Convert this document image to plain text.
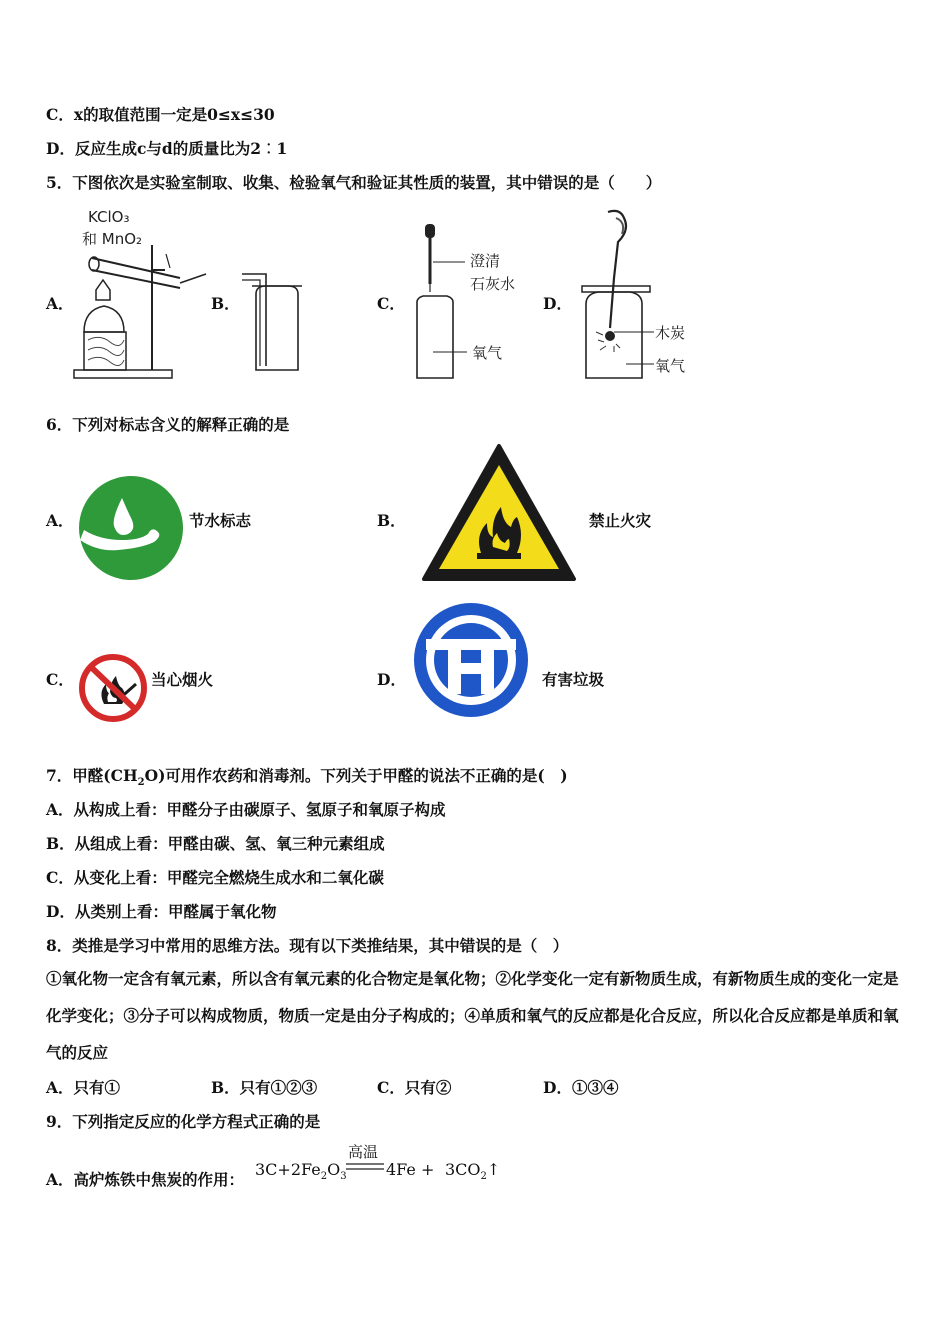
C．x的取值范围一定是0≤x≤30
D．反应生成c与d的质量比为2︰1
5．下图依次是实验室制取、收集、检验氧气和验证其性质的装置，其中错误的是（　　）
A．	B．	C．	D．
KClO₃
和 MnO₂
澄清
石灰水
氧气
木炭
氧气
6．下列对标志含义的解释正确的是
A．	节水标志	B．	禁止火灾
C．	当心烟火	D．	有害垃圾
7．甲醛$(CH_2O)$可用作农药和消毒剂。下列关于甲醛的说法不正确的是(　)
A．从构成上看：甲醛分子由碳原子、氢原子和氧原子构成
B．从组成上看：甲醛由碳、氢、氧三种元素组成
C．从变化上看：甲醛完全燃烧生成水和二氧化碳
D．从类别上看：甲醛属于氧化物
8．类推是学习中常用的思维方法。现有以下类推结果，其中错误的是（　）
①氧化物一定含有氧元素，所以含有氧元素的化合物定是氧化物；②化学变化一定有新物质生成，有新物质生成的变化一定是化学变化；③分子可以构成物质，物质一定是由分子构成的；④单质和氧气的反应都是化合反应，所以化合反应都是单质和氧气的反应
A．只有①	B．只有①②③	C．只有②	D．①③④
9．下列指定反应的化学方程式正确的是
A．高炉炼铁中焦炭的作用：
$3C+2Fe_2O_3$
高温
$4Fe + 3CO_2↑$
